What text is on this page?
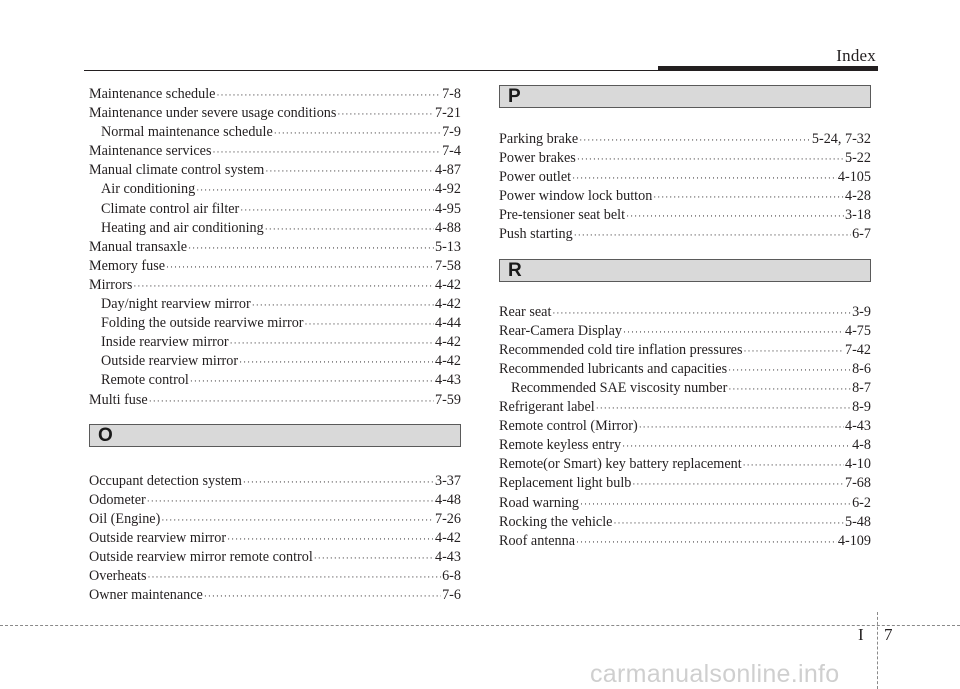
Index
Maintenance schedule ·····	7-8
Maintenance under severe usage conditions ·····	7-21
Normal maintenance schedule ·····	7-9
Maintenance services ·····	7-4
Manual climate control system ·····	4-87
Air conditioning ·····	4-92
Climate control air filter ·····	4-95
Heating and air conditioning ·····	4-88
Manual transaxle ·····	5-13
Memory fuse ·····	7-58
Mirrors ·····	4-42
Day/night rearview mirror ·····	4-42
Folding the outside rearviwe mirror ·····	4-44
Inside rearview mirror ·····	4-42
Outside rearview mirror ·····	4-42
Remote control ·····	4-43
Multi fuse ·····	7-59
O
Occupant detection system ·····	3-37
Odometer ·····	4-48
Oil (Engine) ·····	7-26
Outside rearview mirror ·····	4-42
Outside rearview mirror remote control ·····	4-43
Overheats ·····	6-8
Owner maintenance ·····	7-6
P
Parking brake ·····	5-24, 7-32
Power brakes ·····	5-22
Power outlet ·····	4-105
Power window lock button ·····	4-28
Pre-tensioner seat belt ·····	3-18
Push starting ·····	6-7
R
Rear seat ·····	3-9
Rear-Camera Display ·····	4-75
Recommended cold tire inflation pressures ·····	7-42
Recommended lubricants and capacities ·····	8-6
Recommended SAE viscosity number ·····	8-7
Refrigerant label ·····	8-9
Remote control (Mirror) ·····	4-43
Remote keyless entry ·····	4-8
Remote(or Smart) key battery replacement ·····	4-10
Replacement light bulb ·····	7-68
Road warning ·····	6-2
Rocking the vehicle ·····	5-48
Roof antenna ·····	4-109
I 7
carmanualsonline.info
